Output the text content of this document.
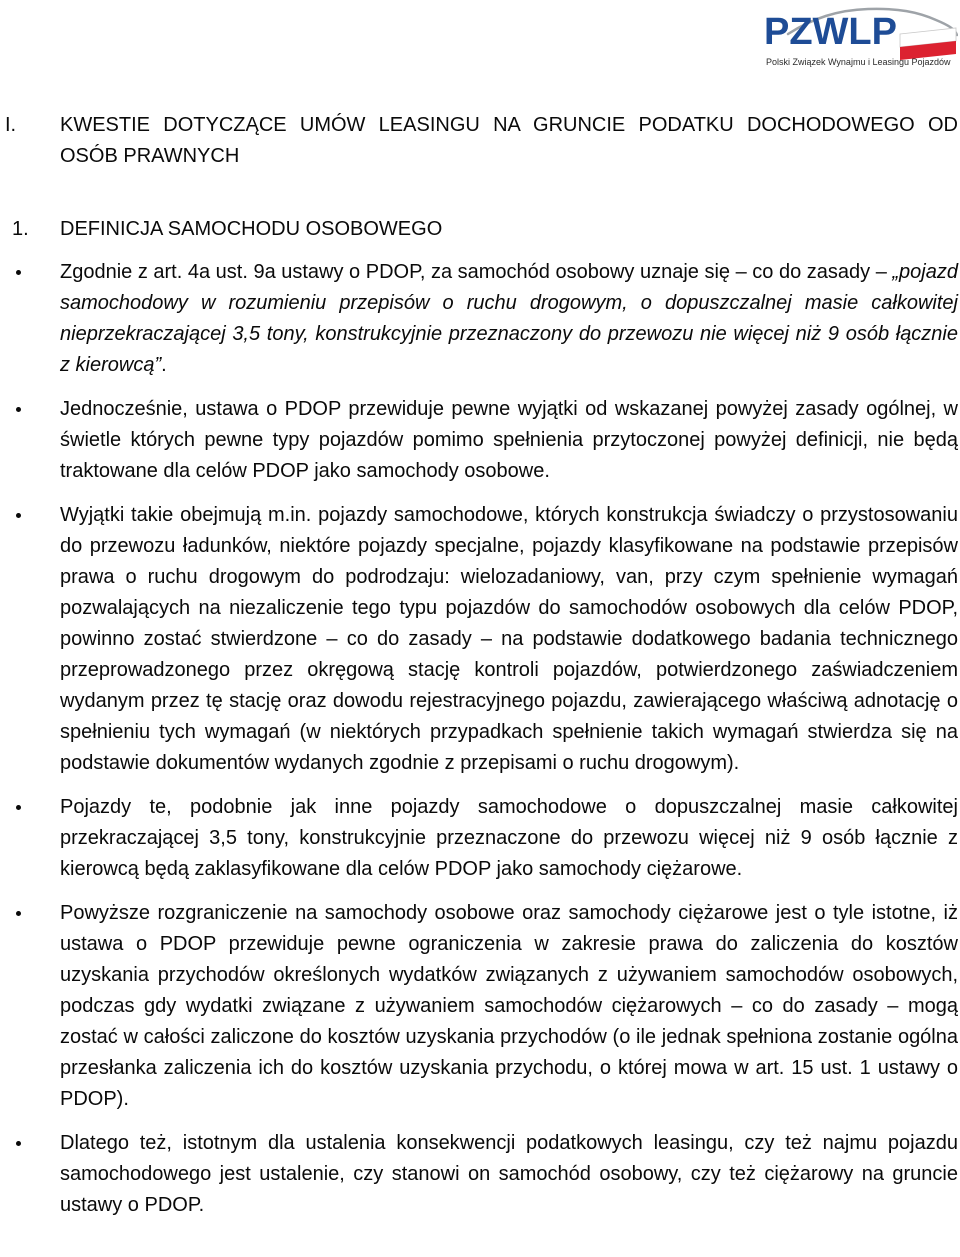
PZWLP
Polski Związek Wynajmu i Leasingu Pojazdów
I. KWESTIE DOTYCZĄCE UMÓW LEASINGU NA GRUNCIE PODATKU DOCHODOWEGO OD OSÓB PRAWNYCH
1. DEFINICJA SAMOCHODU OSOBOWEGO
Zgodnie z art. 4a ust. 9a ustawy o PDOP, za samochód osobowy uznaje się – co do zasady – „pojazd samochodowy w rozumieniu przepisów o ruchu drogowym, o dopuszczalnej masie całkowitej nieprzekraczającej 3,5 tony, konstrukcyjnie przeznaczony do przewozu nie więcej niż 9 osób łącznie z kierowcą”.
Jednocześnie, ustawa o PDOP przewiduje pewne wyjątki od wskazanej powyżej zasady ogólnej, w świetle których pewne typy pojazdów pomimo spełnienia przytoczonej powyżej definicji, nie będą traktowane dla celów PDOP jako samochody osobowe.
Wyjątki takie obejmują m.in. pojazdy samochodowe, których konstrukcja świadczy o przystosowaniu do przewozu ładunków, niektóre pojazdy specjalne, pojazdy klasyfikowane na podstawie przepisów prawa o ruchu drogowym do podrodzaju: wielozadaniowy, van, przy czym spełnienie wymagań pozwalających na niezaliczenie tego typu pojazdów do samochodów osobowych dla celów PDOP, powinno zostać stwierdzone – co do zasady – na podstawie dodatkowego badania technicznego przeprowadzonego przez okręgową stację kontroli pojazdów, potwierdzonego zaświadczeniem wydanym przez tę stację oraz dowodu rejestracyjnego pojazdu, zawierającego właściwą adnotację o spełnieniu tych wymagań (w niektórych przypadkach spełnienie takich wymagań stwierdza się na podstawie dokumentów wydanych zgodnie z przepisami o ruchu drogowym).
Pojazdy te, podobnie jak inne pojazdy samochodowe o dopuszczalnej masie całkowitej przekraczającej 3,5 tony, konstrukcyjnie przeznaczone do przewozu więcej niż 9 osób łącznie z kierowcą będą zaklasyfikowane dla celów PDOP jako samochody ciężarowe.
Powyższe rozgraniczenie na samochody osobowe oraz samochody ciężarowe jest o tyle istotne, iż ustawa o PDOP przewiduje pewne ograniczenia w zakresie prawa do zaliczenia do kosztów uzyskania przychodów określonych wydatków związanych z używaniem samochodów osobowych, podczas gdy wydatki związane z używaniem samochodów ciężarowych – co do zasady – mogą zostać w całości zaliczone do kosztów uzyskania przychodów (o ile jednak spełniona zostanie ogólna przesłanka zaliczenia ich do kosztów uzyskania przychodu, o której mowa w art. 15 ust. 1 ustawy o PDOP).
Dlatego też, istotnym dla ustalenia konsekwencji podatkowych leasingu, czy też najmu pojazdu samochodowego jest ustalenie, czy stanowi on samochód osobowy, czy też ciężarowy na gruncie ustawy o PDOP.
